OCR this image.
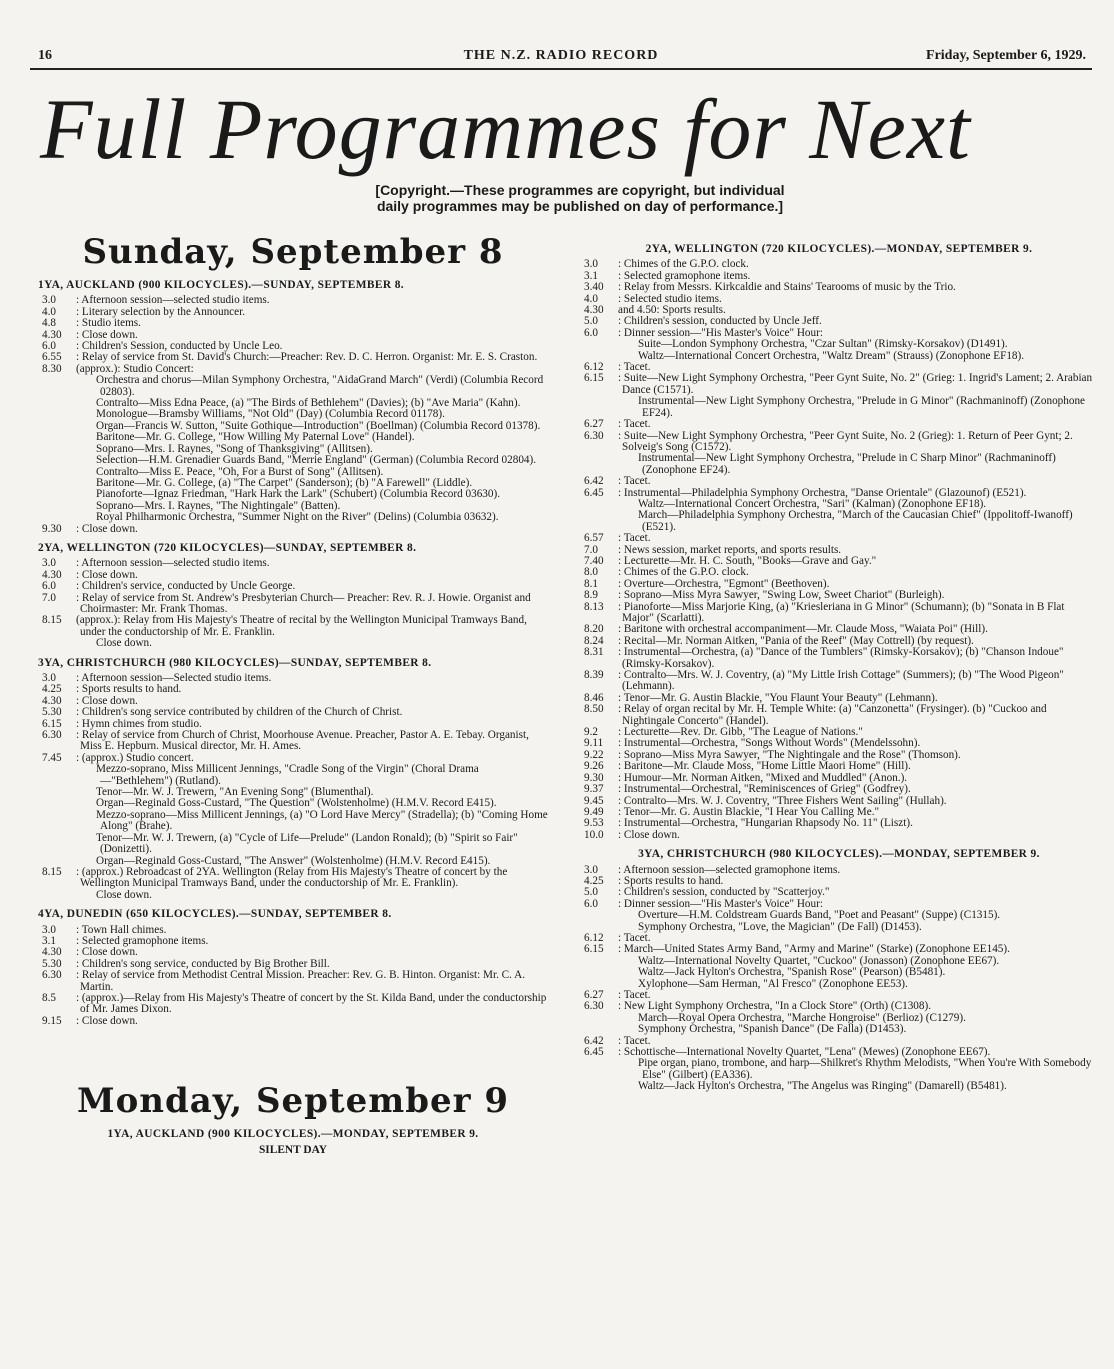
16	THE N.Z. RADIO RECORD	Friday, September 6, 1929.
Full Programmes for Next
[Copyright.—These programmes are copyright, but individual
daily programmes may be published on day of performance.]
Sunday, September 8
1YA, AUCKLAND (900 KILOCYCLES).—SUNDAY, SEPTEMBER 8.
3.0 : Afternoon session—selected studio items.
4.0 : Literary selection by the Announcer.
4.8 : Studio items.
4.30 : Close down.
6.0 : Children's Session, conducted by Uncle Leo.
6.55 : Relay of service from St. David's Church:—Preacher: Rev. D. C. Herron. Organist: Mr. E. S. Craston.
8.30 (approx.): Studio Concert:
Orchestra and chorus—Milan Symphony Orchestra, "AidaGrand March" (Verdi) (Columbia Record 02803).
Contralto—Miss Edna Peace, (a) "The Birds of Bethlehem" (Davies); (b) "Ave Maria" (Kahn).
Monologue—Bramsby Williams, "Not Old" (Day) (Columbia Record 01178).
Organ—Francis W. Sutton, "Suite Gothique—Introduction" (Boellman) (Columbia Record 01378).
Baritone—Mr. G. College, "How Willing My Paternal Love" (Handel).
Soprano—Mrs. I. Raynes, "Song of Thanksgiving" (Allitsen).
Selection—H.M. Grenadier Guards Band, "Merrie England" (German) (Columbia Record 02804).
Contralto—Miss E. Peace, "Oh, For a Burst of Song" (Allitsen).
Baritone—Mr. G. College, (a) "The Carpet" (Sanderson); (b) "A Farewell" (Liddle).
Pianoforte—Ignaz Friedman, "Hark Hark the Lark" (Schubert) (Columbia Record 03630).
Soprano—Mrs. I. Raynes, "The Nightingale" (Batten).
Royal Philharmonic Orchestra, "Summer Night on the River" (Delins) (Columbia 03632).
9.30 : Close down.
2YA, WELLINGTON (720 KILOCYCLES)—SUNDAY, SEPTEMBER 8.
3.0 : Afternoon session—selected studio items.
4.30 : Close down.
6.0 : Children's service, conducted by Uncle George.
7.0 : Relay of service from St. Andrew's Presbyterian Church— Preacher: Rev. R. J. Howie. Organist and Choirmaster: Mr. Frank Thomas.
8.15 (approx.): Relay from His Majesty's Theatre of recital by the Wellington Municipal Tramways Band, under the conductorship of Mr. E. Franklin.
Close down.
3YA, CHRISTCHURCH (980 KILOCYCLES)—SUNDAY, SEPTEMBER 8.
3.0 : Afternoon session—Selected studio items.
4.25 : Sports results to hand.
4.30 : Close down.
5.30 : Children's song service contributed by children of the Church of Christ.
6.15 : Hymn chimes from studio.
6.30 : Relay of service from Church of Christ, Moorhouse Avenue. Preacher, Pastor A. E. Tebay. Organist, Miss E. Hepburn. Musical director, Mr. H. Ames.
7.45 : (approx.) Studio concert.
Mezzo-soprano, Miss Millicent Jennings, "Cradle Song of the Virgin" (Choral Drama—"Bethlehem") (Rutland).
Tenor—Mr. W. J. Trewern, "An Evening Song" (Blumenthal).
Organ—Reginald Goss-Custard, "The Question" (Wolstenholme) (H.M.V. Record E415).
Mezzo-soprano—Miss Millicent Jennings, (a) "O Lord Have Mercy" (Stradella); (b) "Coming Home Along" (Brahe).
Tenor—Mr. W. J. Trewern, (a) "Cycle of Life—Prelude" (Landon Ronald); (b) "Spirit so Fair" (Donizetti).
Organ—Reginald Goss-Custard, "The Answer" (Wolstenholme) (H.M.V. Record E415).
8.15 : (approx.) Rebroadcast of 2YA. Wellington (Relay from His Majesty's Theatre of concert by the Wellington Municipal Tramways Band, under the conductorship of Mr. E. Franklin).
Close down.
4YA, DUNEDIN (650 KILOCYCLES).—SUNDAY, SEPTEMBER 8.
3.0 : Town Hall chimes.
3.1 : Selected gramophone items.
4.30 : Close down.
5.30 : Children's song service, conducted by Big Brother Bill.
6.30 : Relay of service from Methodist Central Mission. Preacher: Rev. G. B. Hinton. Organist: Mr. C. A. Martin.
8.5 : (approx.)—Relay from His Majesty's Theatre of concert by the St. Kilda Band, under the conductorship of Mr. James Dixon.
9.15 : Close down.
Monday, September 9
1YA, AUCKLAND (900 KILOCYCLES).—MONDAY, SEPTEMBER 9.
SILENT DAY
2YA, WELLINGTON (720 KILOCYCLES).—MONDAY, SEPTEMBER 9.
3.0 : Chimes of the G.P.O. clock.
3.1 : Selected gramophone items.
3.40 : Relay from Messrs. Kirkcaldie and Stains' Tearooms of music by the Trio.
4.0 : Selected studio items.
4.30 and 4.50: Sports results.
5.0 : Children's session, conducted by Uncle Jeff.
6.0 : Dinner session—"His Master's Voice" Hour:
Suite—London Symphony Orchestra, "Czar Sultan" (Rimsky-Korsakov) (D1491).
Waltz—International Concert Orchestra, "Waltz Dream" (Strauss) (Zonophone EF18).
6.12 : Tacet.
6.15 : Suite—New Light Symphony Orchestra, "Peer Gynt Suite, No. 2" (Grieg: 1. Ingrid's Lament; 2. Arabian Dance (C1571).
Instrumental—New Light Symphony Orchestra, "Prelude in G Minor" (Rachmaninoff) (Zonophone EF24).
6.27 : Tacet.
6.30 : Suite—New Light Symphony Orchestra, "Peer Gynt Suite, No. 2 (Grieg): 1. Return of Peer Gynt; 2. Solveig's Song (C1572).
Instrumental—New Light Symphony Orchestra, "Prelude in C Sharp Minor" (Rachmaninoff) (Zonophone EF24).
6.42 : Tacet.
6.45 : Instrumental—Philadelphia Symphony Orchestra, "Danse Orientale" (Glazounof) (E521).
Waltz—International Concert Orchestra, "Sari" (Kalman) (Zonophone EF18).
March—Philadelphia Symphony Orchestra, "March of the Caucasian Chief" (Ippolitoff-Iwanoff) (E521).
6.57 : Tacet.
7.0 : News session, market reports, and sports results.
7.40 : Lecturette—Mr. H. C. South, "Books—Grave and Gay."
8.0 : Chimes of the G.P.O. clock.
8.1 : Overture—Orchestra, "Egmont" (Beethoven).
8.9 : Soprano—Miss Myra Sawyer, "Swing Low, Sweet Chariot" (Burleigh).
8.13 : Pianoforte—Miss Marjorie King, (a) "Kriesleriana in G Minor" (Schumann); (b) "Sonata in B Flat Major" (Scarlatti).
8.20 : Baritone with orchestral accompaniment—Mr. Claude Moss, "Waiata Poi" (Hill).
8.24 : Recital—Mr. Norman Aitken, "Pania of the Reef" (May Cottrell) (by request).
8.31 : Instrumental—Orchestra, (a) "Dance of the Tumblers" (Rimsky-Korsakov); (b) "Chanson Indoue" (Rimsky-Korsakov).
8.39 : Contralto—Mrs. W. J. Coventry, (a) "My Little Irish Cottage" (Summers); (b) "The Wood Pigeon" (Lehmann).
8.46 : Tenor—Mr. G. Austin Blackie, "You Flaunt Your Beauty" (Lehmann).
8.50 : Relay of organ recital by Mr. H. Temple White: (a) "Canzonetta" (Frysinger). (b) "Cuckoo and Nightingale Concerto" (Handel).
9.2 : Lecturette—Rev. Dr. Gibb, "The League of Nations."
9.11 : Instrumental—Orchestra, "Songs Without Words" (Mendelssohn).
9.22 : Soprano—Miss Myra Sawyer, "The Nightingale and the Rose" (Thomson).
9.26 : Baritone—Mr. Claude Moss, "Home Little Maori Home" (Hill).
9.30 : Humour—Mr. Norman Aitken, "Mixed and Muddled" (Anon.).
9.37 : Instrumental—Orchestral, "Reminiscences of Grieg" (Godfrey).
9.45 : Contralto—Mrs. W. J. Coventry, "Three Fishers Went Sailing" (Hullah).
9.49 : Tenor—Mr. G. Austin Blackie, "I Hear You Calling Me."
9.53 : Instrumental—Orchestra, "Hungarian Rhapsody No. 11" (Liszt).
10.0 : Close down.
3YA, CHRISTCHURCH (980 KILOCYCLES).—MONDAY, SEPTEMBER 9.
3.0 : Afternoon session—selected gramophone items.
4.25 : Sports results to hand.
5.0 : Children's session, conducted by "Scatterjoy."
6.0 : Dinner session—"His Master's Voice" Hour:
Overture—H.M. Coldstream Guards Band, "Poet and Peasant" (Suppe) (C1315).
Symphony Orchestra, "Love, the Magician" (De Fall) (D1453).
6.12 : Tacet.
6.15 : March—United States Army Band, "Army and Marine" (Starke) (Zonophone EE145).
Waltz—International Novelty Quartet, "Cuckoo" (Jonasson) (Zonophone EE67).
Waltz—Jack Hylton's Orchestra, "Spanish Rose" (Pearson) (B5481).
Xylophone—Sam Herman, "Al Fresco" (Zonophone EE53).
6.27 : Tacet.
6.30 : New Light Symphony Orchestra, "In a Clock Store" (Orth) (C1308).
March—Royal Opera Orchestra, "Marche Hongroise" (Berlioz) (C1279).
Symphony Orchestra, "Spanish Dance" (De Falla) (D1453).
6.42 : Tacet.
6.45 : Schottische—International Novelty Quartet, "Lena" (Mewes) (Zonophone EE67).
Pipe organ, piano, trombone, and harp—Shilkret's Rhythm Melodists, "When You're With Somebody Else" (Gilbert) (EA336).
Waltz—Jack Hylton's Orchestra, "The Angelus was Ringing" (Damarell) (B5481).
